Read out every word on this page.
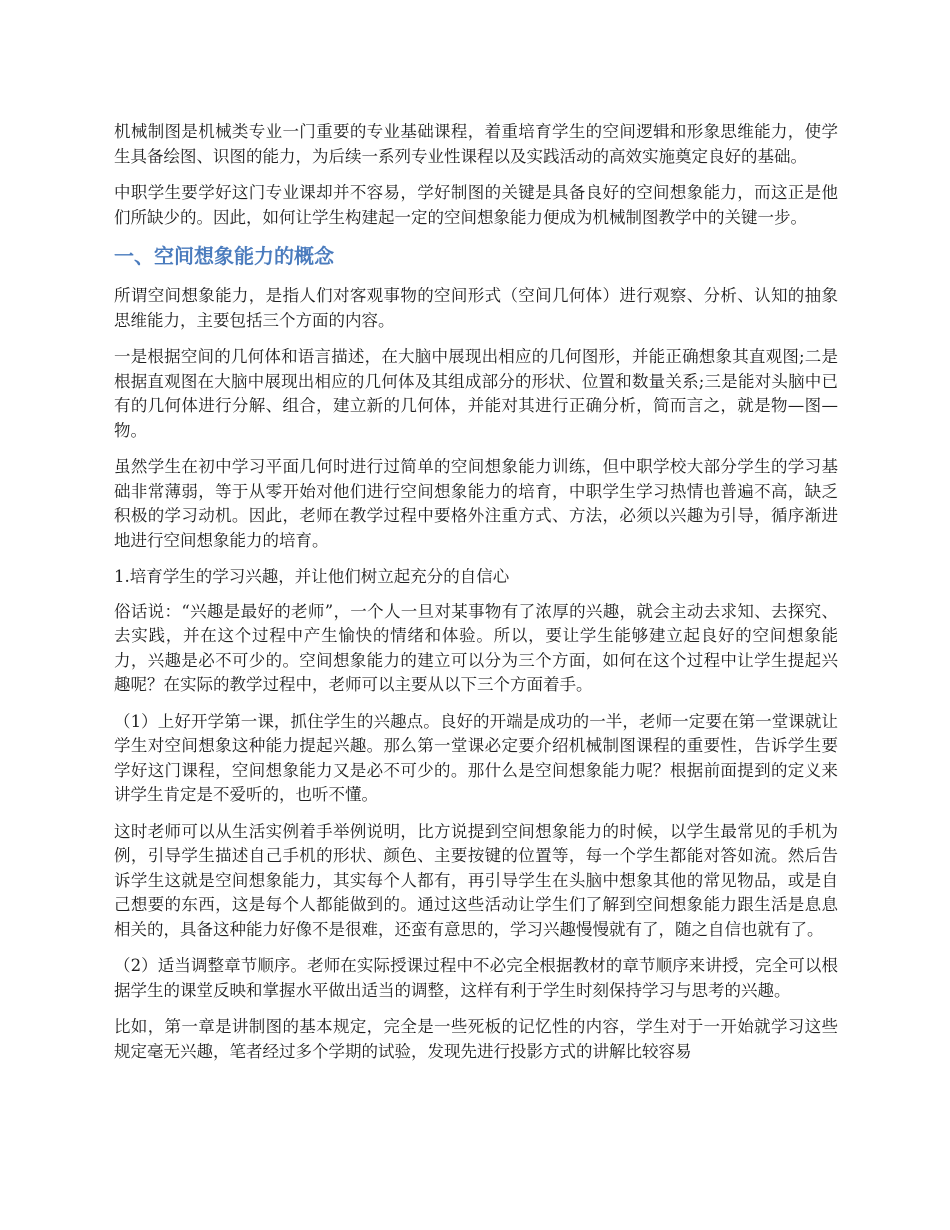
机械制图是机械类专业一门重要的专业基础课程，着重培育学生的空间逻辑和形象思维能力，使学生具备绘图、识图的能力，为后续一系列专业性课程以及实践活动的高效实施奠定良好的基础。

中职学生要学好这门专业课却并不容易，学好制图的关键是具备良好的空间想象能力，而这正是他们所缺少的。因此，如何让学生构建起一定的空间想象能力便成为机械制图教学中的关键一步。

一、空间想象能力的概念

所谓空间想象能力，是指人们对客观事物的空间形式（空间几何体）进行观察、分析、认知的抽象思维能力，主要包括三个方面的内容。

一是根据空间的几何体和语言描述，在大脑中展现出相应的几何图形，并能正确想象其直观图;二是根据直观图在大脑中展现出相应的几何体及其组成部分的形状、位置和数量关系;三是能对头脑中已有的几何体进行分解、组合，建立新的几何体，并能对其进行正确分析，简而言之，就是物—图—物。

虽然学生在初中学习平面几何时进行过简单的空间想象能力训练，但中职学校大部分学生的学习基础非常薄弱，等于从零开始对他们进行空间想象能力的培育，中职学生学习热情也普遍不高，缺乏积极的学习动机。因此，老师在教学过程中要格外注重方式、方法，必须以兴趣为引导，循序渐进地进行空间想象能力的培育。

1.培育学生的学习兴趣，并让他们树立起充分的自信心

俗话说：“兴趣是最好的老师”，一个人一旦对某事物有了浓厚的兴趣，就会主动去求知、去探究、去实践，并在这个过程中产生愉快的情绪和体验。所以，要让学生能够建立起良好的空间想象能力，兴趣是必不可少的。空间想象能力的建立可以分为三个方面，如何在这个过程中让学生提起兴趣呢？在实际的教学过程中，老师可以主要从以下三个方面着手。

（1）上好开学第一课，抓住学生的兴趣点。良好的开端是成功的一半，老师一定要在第一堂课就让学生对空间想象这种能力提起兴趣。那么第一堂课必定要介绍机械制图课程的重要性，告诉学生要学好这门课程，空间想象能力又是必不可少的。那什么是空间想象能力呢？根据前面提到的定义来讲学生肯定是不爱听的，也听不懂。

这时老师可以从生活实例着手举例说明，比方说提到空间想象能力的时候，以学生最常见的手机为例，引导学生描述自己手机的形状、颜色、主要按键的位置等，每一个学生都能对答如流。然后告诉学生这就是空间想象能力，其实每个人都有，再引导学生在头脑中想象其他的常见物品，或是自己想要的东西，这是每个人都能做到的。通过这些活动让学生们了解到空间想象能力跟生活是息息相关的，具备这种能力好像不是很难，还蛮有意思的，学习兴趣慢慢就有了，随之自信也就有了。

（2）适当调整章节顺序。老师在实际授课过程中不必完全根据教材的章节顺序来讲授，完全可以根据学生的课堂反映和掌握水平做出适当的调整，这样有利于学生时刻保持学习与思考的兴趣。

比如，第一章是讲制图的基本规定，完全是一些死板的记忆性的内容，学生对于一开始就学习这些规定毫无兴趣，笔者经过多个学期的试验，发现先进行投影方式的讲解比较容易
